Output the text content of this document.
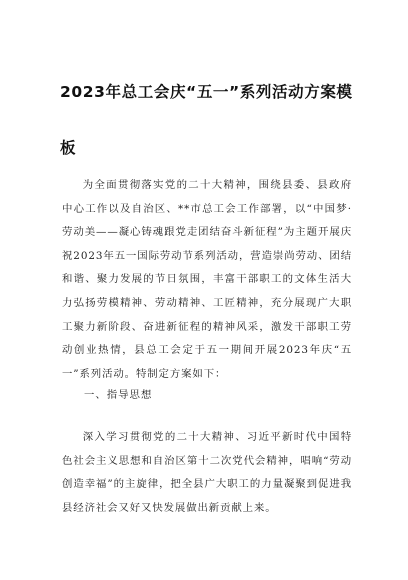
2023年总工会庆“五一”系列活动方案模板

为全面贯彻落实党的二十大精神，围绕县委、县政府中心工作以及自治区、**市总工会工作部署，以“中国梦·劳动美——凝心铸魂跟党走团结奋斗新征程”为主题开展庆祝2023年五一国际劳动节系列活动，营造崇尚劳动、团结和谐、聚力发展的节日氛围，丰富干部职工的文体生活大力弘扬劳模精神、劳动精神、工匠精神，充分展现广大职工聚力新阶段、奋进新征程的精神风采，激发干部职工劳动创业热情，县总工会定于五一期间开展2023年庆“五一”系列活动。特制定方案如下：

一、指导思想

深入学习贯彻党的二十大精神、习近平新时代中国特色社会主义思想和自治区第十二次党代会精神，唱响“劳动创造幸福”的主旋律，把全县广大职工的力量凝聚到促进我县经济社会又好又快发展做出新贡献上来。
